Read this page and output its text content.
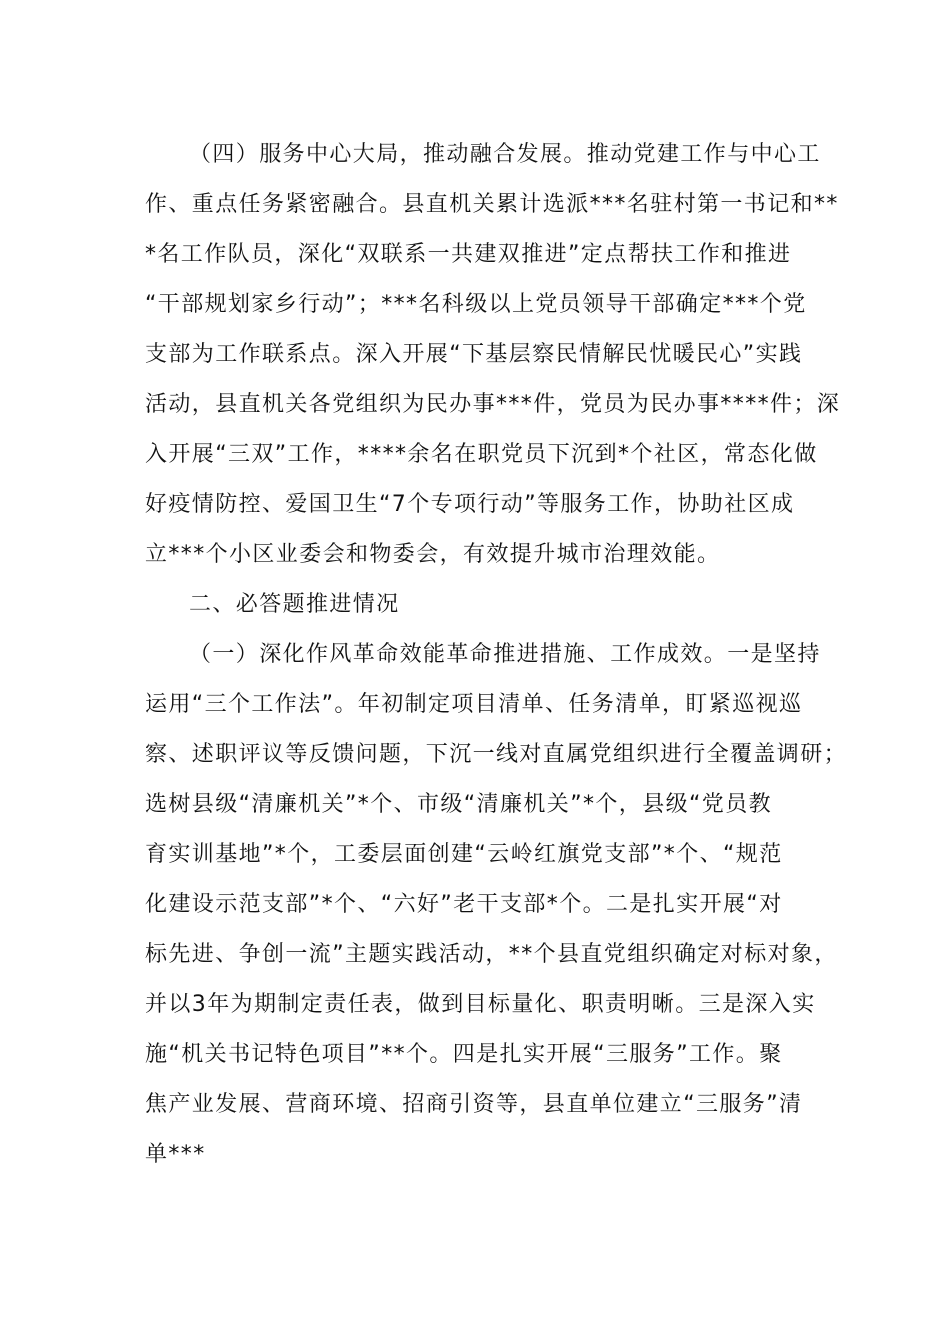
（四）服务中心大局，推动融合发展。推动党建工作与中心工
作、重点任务紧密融合。县直机关累计选派***名驻村第一书记和**
*名工作队员，深化“双联系一共建双推进”定点帮扶工作和推进
“干部规划家乡行动”；***名科级以上党员领导干部确定***个党
支部为工作联系点。深入开展“下基层察民情解民忧暖民心”实践
活动，县直机关各党组织为民办事***件，党员为民办事****件；深
入开展“三双”工作，****余名在职党员下沉到*个社区，常态化做
好疫情防控、爱国卫生“7个专项行动”等服务工作，协助社区成
立***个小区业委会和物委会，有效提升城市治理效能。
二、必答题推进情况
（一）深化作风革命效能革命推进措施、工作成效。一是坚持
运用“三个工作法”。年初制定项目清单、任务清单，盯紧巡视巡
察、述职评议等反馈问题，下沉一线对直属党组织进行全覆盖调研；
选树县级“清廉机关”*个、市级“清廉机关”*个，县级“党员教
育实训基地”*个，工委层面创建“云岭红旗党支部”*个、“规范
化建设示范支部”*个、“六好”老干支部*个。二是扎实开展“对
标先进、争创一流”主题实践活动，**个县直党组织确定对标对象，
并以3年为期制定责任表，做到目标量化、职责明晰。三是深入实
施“机关书记特色项目”**个。四是扎实开展“三服务”工作。聚
焦产业发展、营商环境、招商引资等，县直单位建立“三服务”清
单***
